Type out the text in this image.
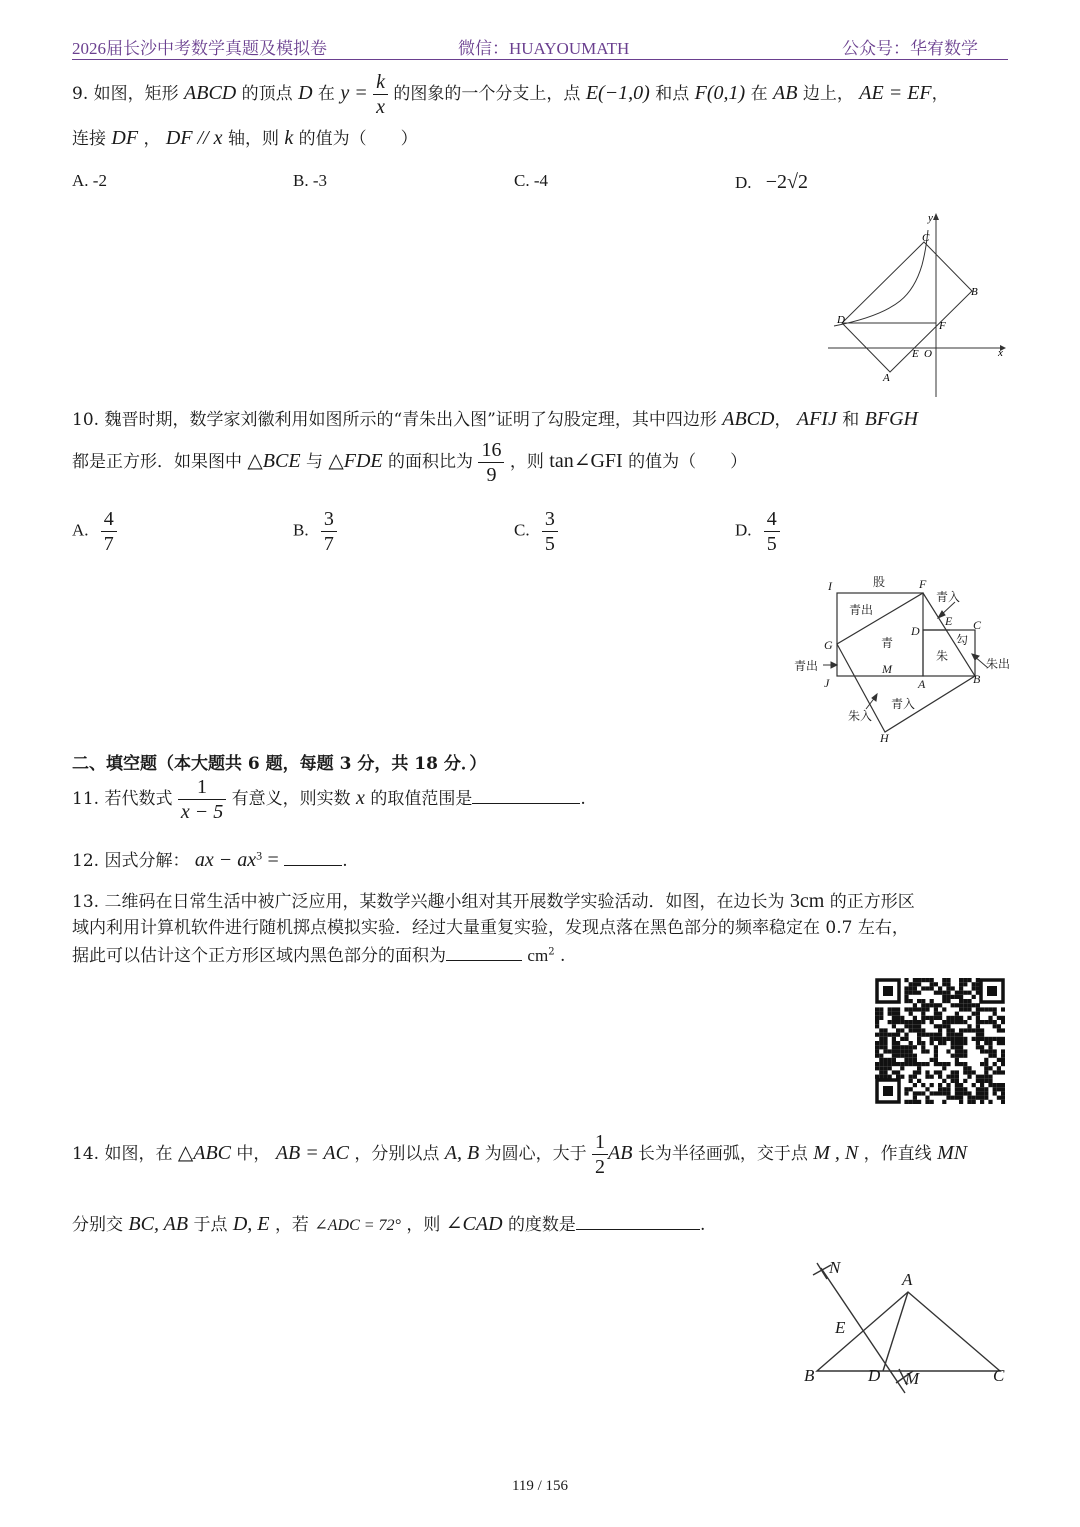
2026届长沙中考数学真题及模拟卷	微信：HUAYOUMATH	公众号：华宥数学
9. 如图，矩形 ABCD 的顶点 D 在 $y = \frac{k}{x}$ 的图象的一个分支上，点 E(−1,0) 和点 F(0,1) 在 AB 边上， AE = EF，
连接 DF ， DF // x 轴，则 k 的值为（　　）
A. -2	B. -3	C. -4	D. −2√2
y
x
C
B
D	F
E O
A
10. 魏晋时期，数学家刘徽利用如图所示的“青朱出入图”证明了勾股定理，其中四边形 ABCD， AFIJ 和 BFGH
都是正方形．如果图中 △BCE 与 △FDE 的面积比为 $\frac{16}{9}$ ，则 tan∠GFI 的值为（　　）
A. $\frac{4}{7}$	B. $\frac{3}{7}$	C. $\frac{3}{5}$	D. $\frac{4}{5}$
I	股	F
青入
青出
E C
D
勾
G	青
朱
朱出
青出	M
J	A	B
青入
朱入
H
二、填空题（本大题共 6 题，每题 3 分，共 18 分．）
11. 若代数式 $\frac{1}{x - 5}$ 有意义，则实数 x 的取值范围是	.
12. 因式分解： ax − $ax^3$ =	.
13. 二维码在日常生活中被广泛应用，某数学兴趣小组对其开展数学实验活动．如图，在边长为 3cm 的正方形区
域内利用计算机软件进行随机掷点模拟实验．经过大量重复实验，发现点落在黑色部分的频率稳定在 0.7 左右，
据此可以估计这个正方形区域内黑色部分的面积为	$cm^2$ .
14. 如图，在 △ABC 中， AB = AC ，分别以点 A, B 为圆心，大于 $\frac{1}{2}$ AB 长为半径画弧，交于点 M , N ，作直线 MN
分别交 BC, AB 于点 D, E ，若 ∠ADC = 72° ，则 ∠CAD 的度数是	.
N
A
E
B	D M	C
119 / 156
